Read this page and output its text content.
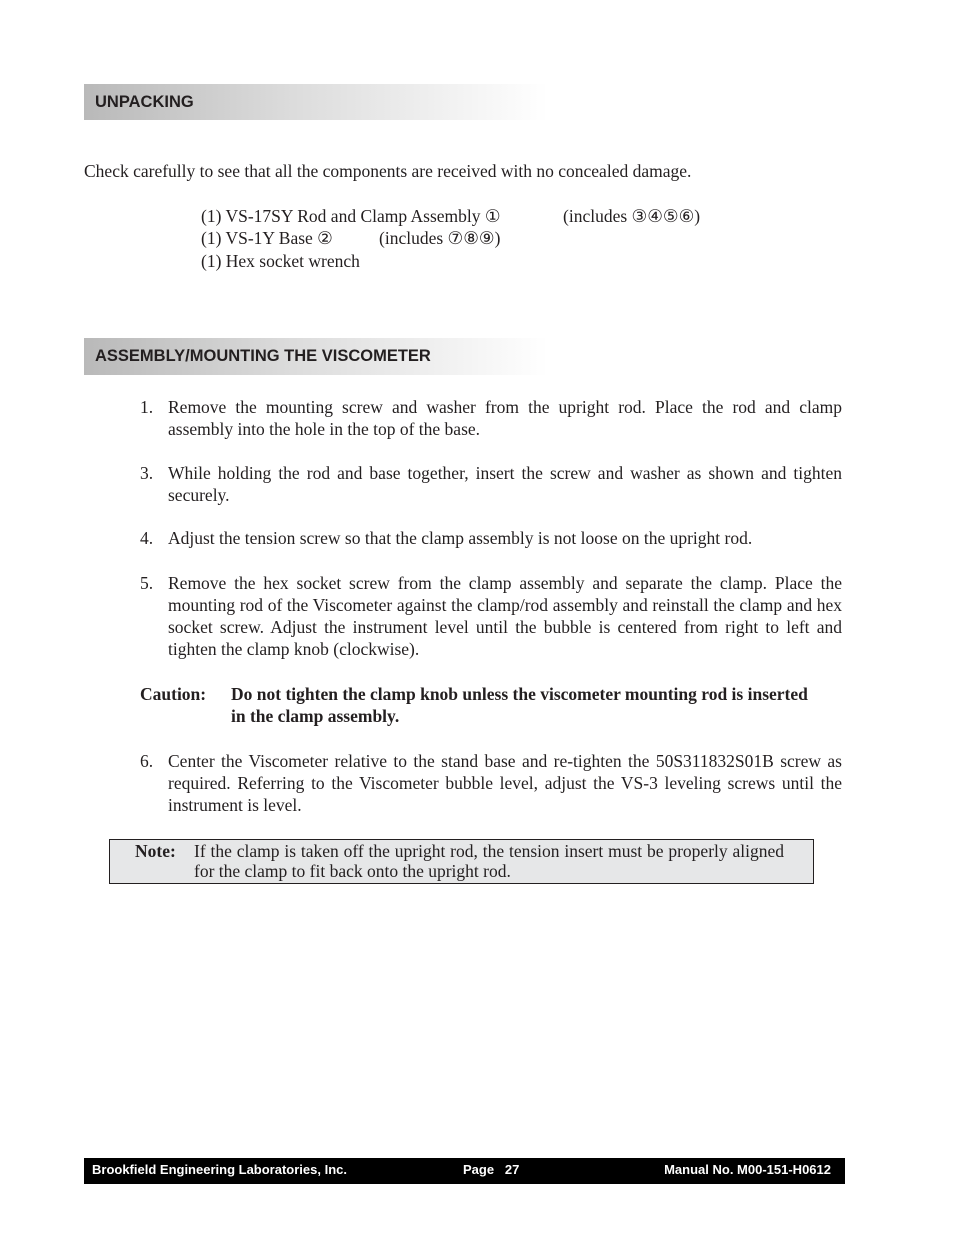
UNPACKING
Check carefully to see that all the components are received with no concealed damage.
(1) VS-17SY Rod and Clamp Assembly ①	(includes ③④⑤⑥)
(1) VS-1Y Base ②	(includes ⑦⑧⑨)
(1) Hex socket wrench
ASSEMBLY/MOUNTING THE VISCOMETER
1. Remove the mounting screw and washer from the upright rod. Place the rod and clamp assembly into the hole in the top of the base.
3. While holding the rod and base together, insert the screw and washer as shown and tighten securely.
4. Adjust the tension screw so that the clamp assembly is not loose on the upright rod.
5. Remove the hex socket screw from the clamp assembly and separate the clamp. Place the mounting rod of the Viscometer against the clamp/rod assembly and reinstall the clamp and hex socket screw. Adjust the instrument level until the bubble is centered from right to left and tighten the clamp knob (clockwise).
Caution: Do not tighten the clamp knob unless the viscometer mounting rod is inserted in the clamp assembly.
6. Center the Viscometer relative to the stand base and re-tighten the 50S311832S01B screw as required. Referring to the Viscometer bubble level, adjust the VS-3 leveling screws until the instrument is level.
Note: If the clamp is taken off the upright rod, the tension insert must be properly aligned for the clamp to fit back onto the upright rod.
Brookfield Engineering Laboratories, Inc.	Page   27	Manual No. M00-151-H0612
